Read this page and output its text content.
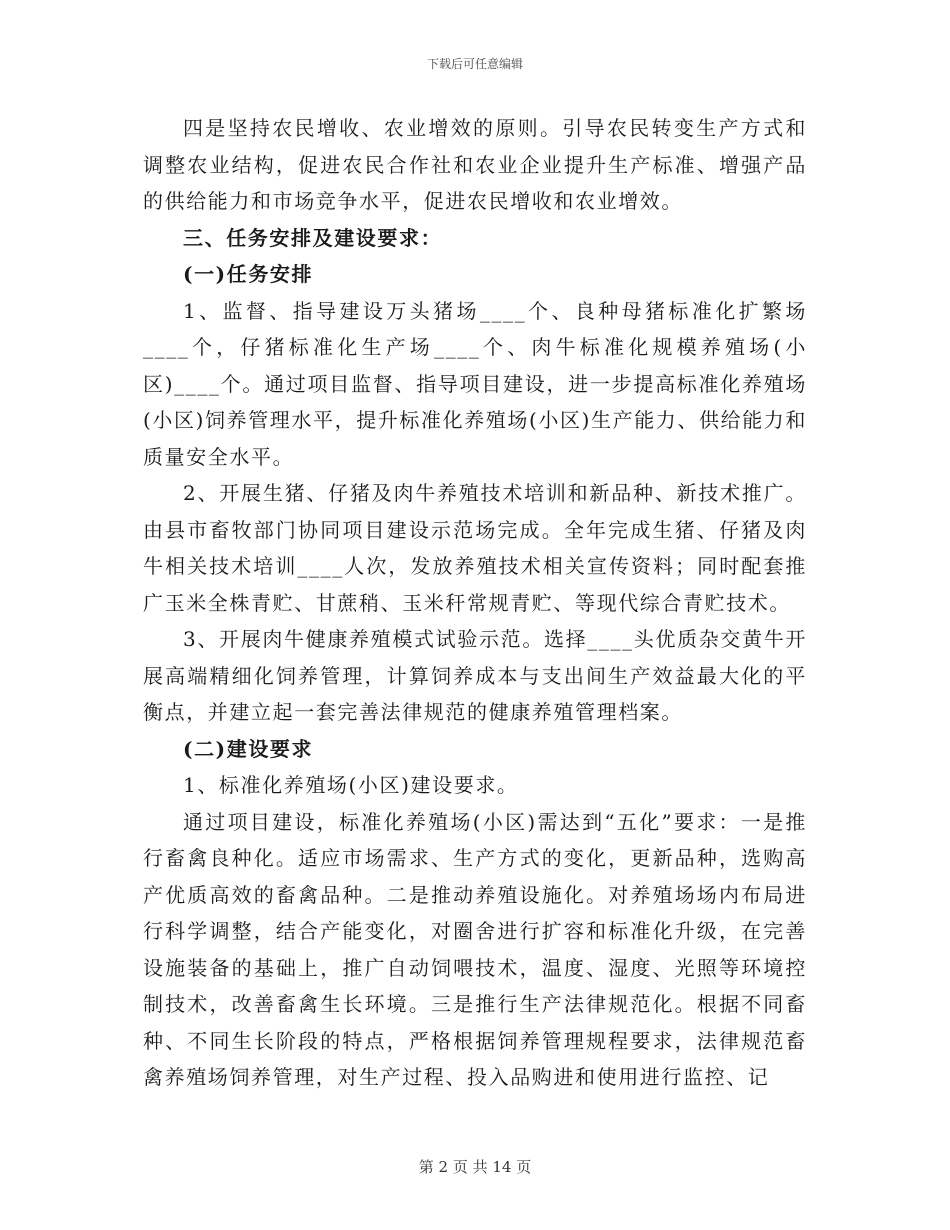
下载后可任意编辑

四是坚持农民增收、农业增效的原则。引导农民转变生产方式和调整农业结构，促进农民合作社和农业企业提升生产标准、增强产品的供给能力和市场竞争水平，促进农民增收和农业增效。

三、任务安排及建设要求：

(一)任务安排

1、监督、指导建设万头猪场____个、良种母猪标准化扩繁场____个，仔猪标准化生产场____个、肉牛标准化规模养殖场(小区)____个。通过项目监督、指导项目建设，进一步提高标准化养殖场(小区)饲养管理水平，提升标准化养殖场(小区)生产能力、供给能力和质量安全水平。

2、开展生猪、仔猪及肉牛养殖技术培训和新品种、新技术推广。由县市畜牧部门协同项目建设示范场完成。全年完成生猪、仔猪及肉牛相关技术培训____人次，发放养殖技术相关宣传资料；同时配套推广玉米全株青贮、甘蔗稍、玉米秆常规青贮、等现代综合青贮技术。

3、开展肉牛健康养殖模式试验示范。选择____头优质杂交黄牛开展高端精细化饲养管理，计算饲养成本与支出间生产效益最大化的平衡点，并建立起一套完善法律规范的健康养殖管理档案。

(二)建设要求

1、标准化养殖场(小区)建设要求。

通过项目建设，标准化养殖场(小区)需达到“五化”要求：一是推行畜禽良种化。适应市场需求、生产方式的变化，更新品种，选购高产优质高效的畜禽品种。二是推动养殖设施化。对养殖场场内布局进行科学调整，结合产能变化，对圈舍进行扩容和标准化升级，在完善设施装备的基础上，推广自动饲喂技术，温度、湿度、光照等环境控制技术，改善畜禽生长环境。三是推行生产法律规范化。根据不同畜种、不同生长阶段的特点，严格根据饲养管理规程要求，法律规范畜禽养殖场饲养管理，对生产过程、投入品购进和使用进行监控、记

第 2 页 共 14 页
